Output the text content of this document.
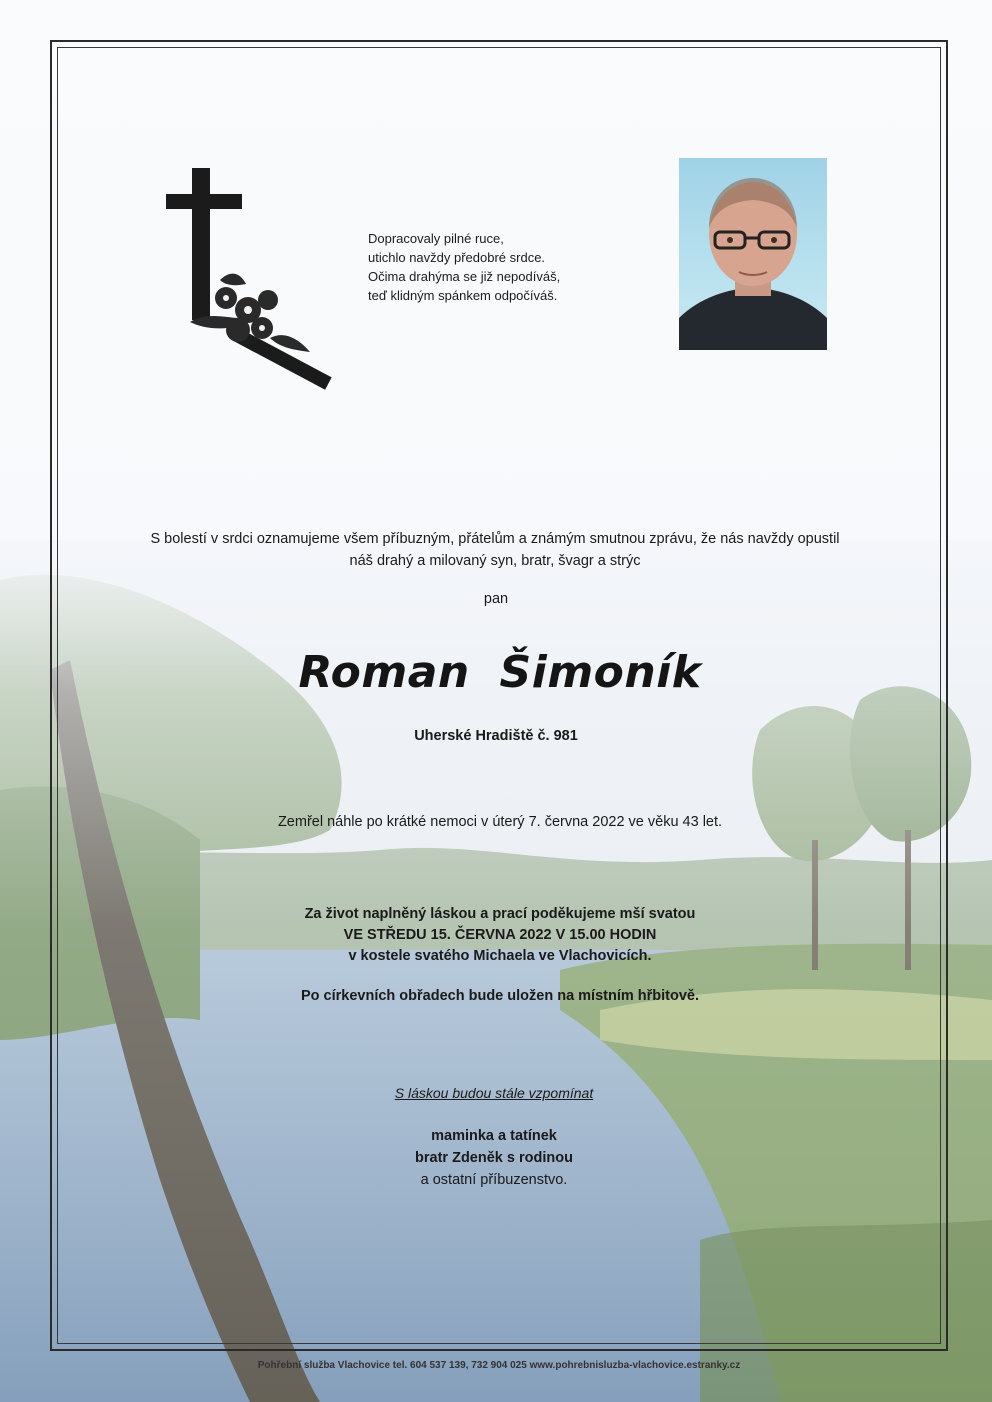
Dopracovaly pilné ruce,
utichlo navždy předobré srdce.
Očima drahýma se již nepodíváš,
teď klidným spánkem odpočíváš.
S bolestí v srdci oznamujeme všem příbuzným, přátelům a známým smutnou zprávu, že nás navždy opustil
náš drahý a milovaný syn, bratr, švagr a strýc
pan
Roman Šimoník
Uherské Hradiště č. 981
Zemřel náhle po krátké nemoci v úterý 7. června 2022 ve věku 43 let.
Za život naplněný láskou a prací poděkujeme mší svatou
VE STŘEDU 15. ČERVNA 2022 V 15.00 HODIN
v kostele svatého Michaela ve Vlachovicích.
Po církevních obřadech bude uložen na místním hřbitově.
S láskou budou stále vzpomínat
maminka a tatínek
bratr Zdeněk s rodinou
a ostatní příbuzenstvo.
Pohřební služba Vlachovice tel. 604 537 139, 732 904 025 www.pohrebnisluzba-vlachovice.estranky.cz
